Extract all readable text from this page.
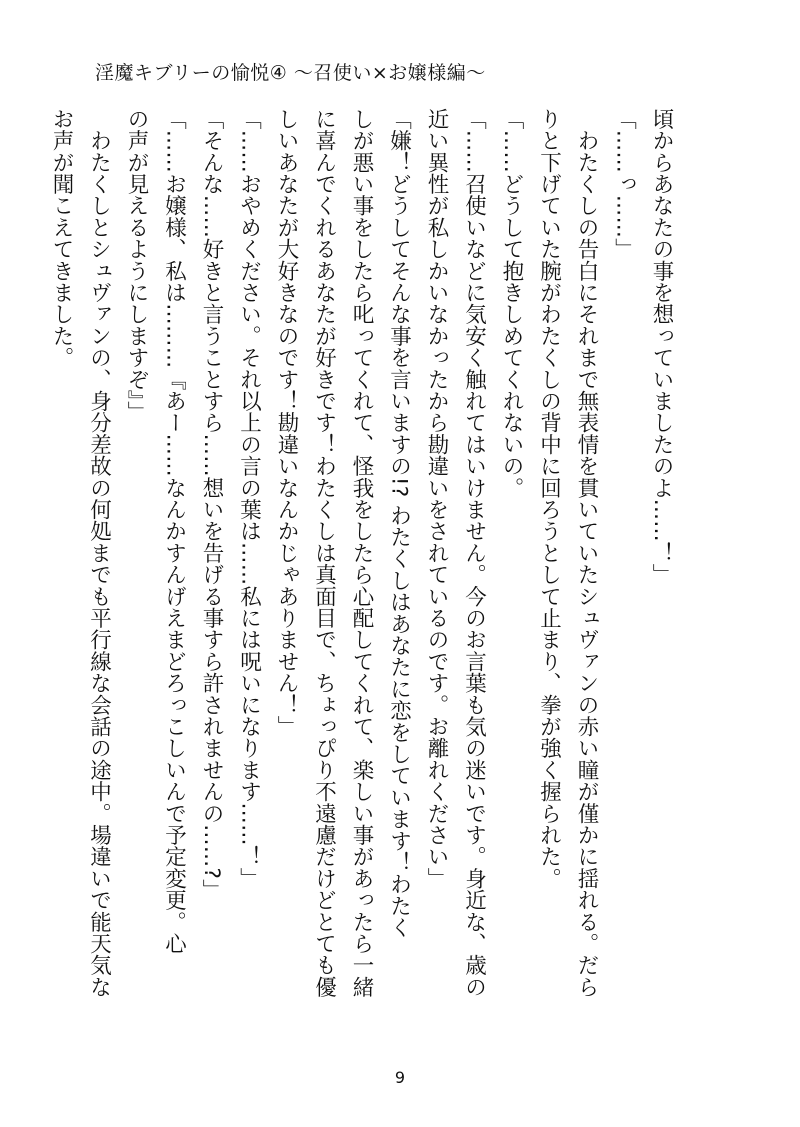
淫魔キブリーの愉悦④ ～召使い×お嬢様編～

頃からあなたの事を想っていましたのよ……！」

「……っ……」

　わたくしの告白にそれまで無表情を貫いていたシュヴァンの赤い瞳が僅かに揺れる。だら

りと下げていた腕がわたくしの背中に回ろうとして止まり、拳が強く握られた。

「……どうして抱きしめてくれないの。

「……召使いなどに気安く触れてはいけません。今のお言葉も気の迷いです。身近な、歳の

近い異性が私しかいなかったから勘違いをされているのです。お離れください」

「嫌！どうしてそんな事を言いますの!? わたくしはあなたに恋をしています！わたく

しが悪い事をしたら叱ってくれて、怪我をしたら心配してくれて、楽しい事があったら一緒

に喜んでくれるあなたが好きです！わたくしは真面目で、ちょっぴり不遠慮だけどとても優

しいあなたが大好きなのです！勘違いなんかじゃありません！」

「……おやめください。それ以上の言の葉は……私には呪いになります……！」

「そんな……好きと言うことすら……想いを告げる事すら許されませんの……?」

「……お嬢様、私は………『あー……なんかすんげえまどろっこしいんで予定変更。心

の声が見えるようにしますぞ』」

　わたくしとシュヴァンの、身分差故の何処までも平行線な会話の途中。場違いで能天気な

お声が聞こえてきました。

9
